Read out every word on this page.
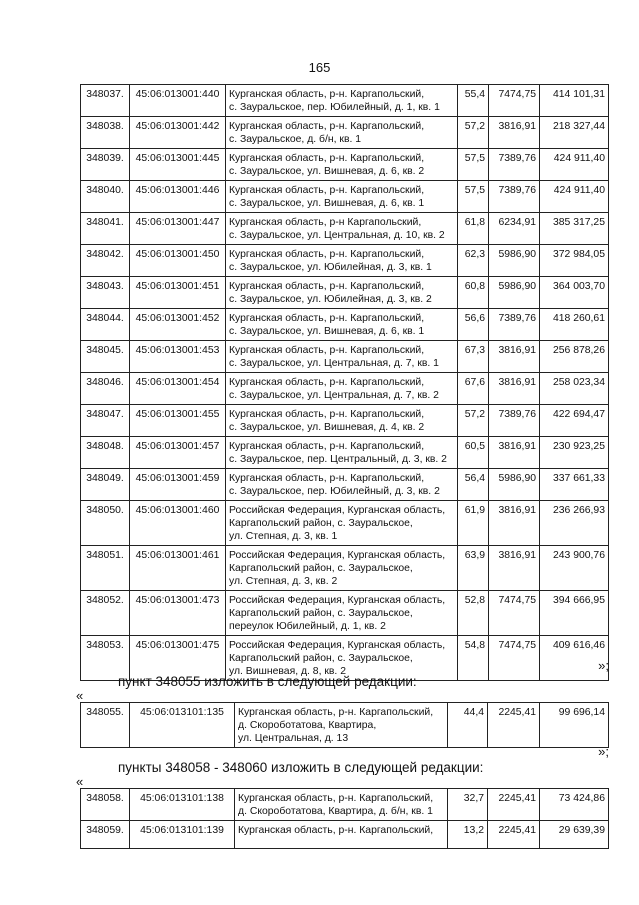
165
348037.	45:06:013001:440	Курганская область, р-н. Каргапольский,
с. Зауральское, пер. Юбилейный, д. 1, кв. 1	55,4	7474,75	414 101,31
348038.	45:06:013001:442	Курганская область, р-н. Каргапольский,
с. Зауральское, д. б/н, кв. 1	57,2	3816,91	218 327,44
348039.	45:06:013001:445	Курганская область, р-н. Каргапольский,
с. Зауральское, ул. Вишневая, д. 6, кв. 2	57,5	7389,76	424 911,40
348040.	45:06:013001:446	Курганская область, р-н. Каргапольский,
с. Зауральское, ул. Вишневая, д. 6, кв. 1	57,5	7389,76	424 911,40
348041.	45:06:013001:447	Курганская область, р-н Каргапольский,
с. Зауральское, ул. Центральная, д. 10, кв. 2	61,8	6234,91	385 317,25
348042.	45:06:013001:450	Курганская область, р-н. Каргапольский,
с. Зауральское, ул. Юбилейная, д. 3, кв. 1	62,3	5986,90	372 984,05
348043.	45:06:013001:451	Курганская область, р-н. Каргапольский,
с. Зауральское, ул. Юбилейная, д. 3, кв. 2	60,8	5986,90	364 003,70
348044.	45:06:013001:452	Курганская область, р-н. Каргапольский,
с. Зауральское, ул. Вишневая, д. 6, кв. 1	56,6	7389,76	418 260,61
348045.	45:06:013001:453	Курганская область, р-н. Каргапольский,
с. Зауральское, ул. Центральная, д. 7, кв. 1	67,3	3816,91	256 878,26
348046.	45:06:013001:454	Курганская область, р-н. Каргапольский,
с. Зауральское, ул. Центральная, д. 7, кв. 2	67,6	3816,91	258 023,34
348047.	45:06:013001:455	Курганская область, р-н. Каргапольский,
с. Зауральское, ул. Вишневая, д. 4, кв. 2	57,2	7389,76	422 694,47
348048.	45:06:013001:457	Курганская область, р-н. Каргапольский,
с. Зауральское, пер. Центральный, д. 3, кв. 2	60,5	3816,91	230 923,25
348049.	45:06:013001:459	Курганская область, р-н. Каргапольский,
с. Зауральское, пер. Юбилейный, д. 3, кв. 2	56,4	5986,90	337 661,33
348050.	45:06:013001:460	Российская Федерация, Курганская область,
Каргапольский район, с. Зауральское,
ул. Степная, д. 3, кв. 1	61,9	3816,91	236 266,93
348051.	45:06:013001:461	Российская Федерация, Курганская область,
Каргапольский район, с. Зауральское,
ул. Степная, д. 3, кв. 2	63,9	3816,91	243 900,76
348052.	45:06:013001:473	Российская Федерация, Курганская область,
Каргапольский район, с. Зауральское,
переулок Юбилейный, д. 1, кв. 2	52,8	7474,75	394 666,95
348053.	45:06:013001:475	Российская Федерация, Курганская область,
Каргапольский район, с. Зауральское,
ул. Вишневая, д. 8, кв. 2	54,8	7474,75	409 616,46
»;
пункт 348055 изложить в следующей редакции:
«
348055.	45:06:013101:135	Курганская область, р-н. Каргапольский,
д. Скороботатова, Квартира,
ул. Центральная, д. 13
	44,4	2245,41	99 696,14
»;
пункты 348058 - 348060 изложить в следующей редакции:
«
348058.	45:06:013101:138	Курганская область, р-н. Каргапольский,
д. Скороботатова, Квартира, д. б/н, кв. 1	32,7	2245,41	73 424,86
348059.	45:06:013101:139	Курганская область, р-н. Каргапольский,	13,2	2245,41	29 639,39
